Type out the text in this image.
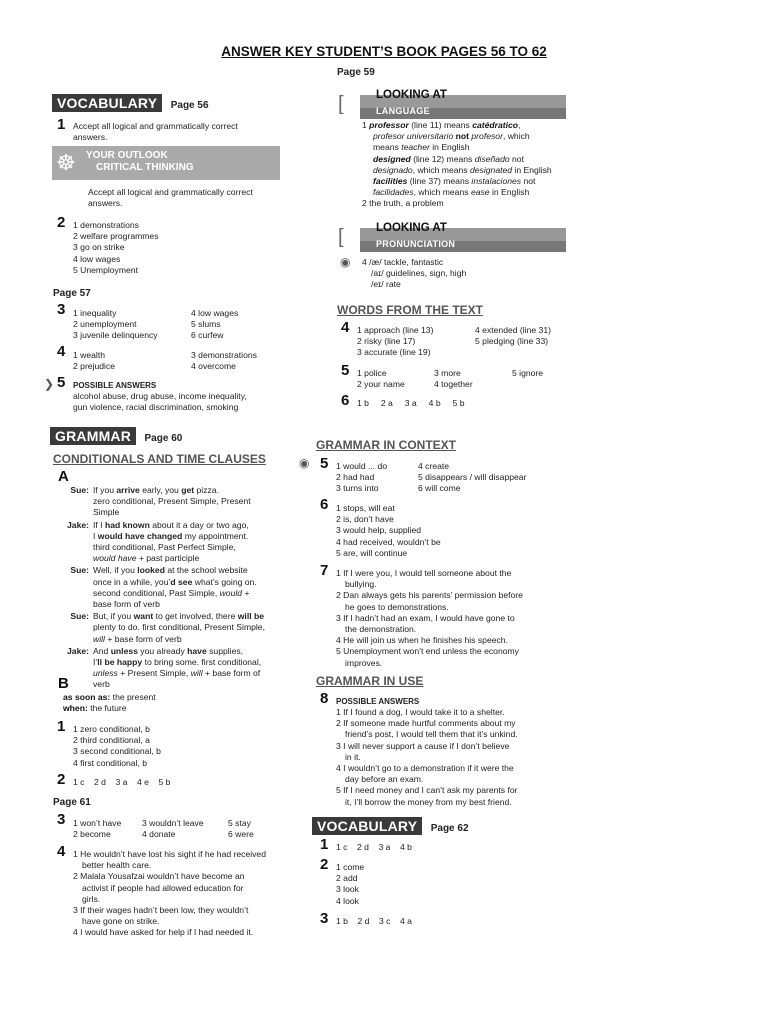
ANSWER KEY STUDENT’S BOOK PAGES 56 TO 62
VOCABULARY Page 56
1 Accept all logical and grammatically correct answers.
☸ YOUR OUTLOOK
CRITICAL THINKING
Accept all logical and grammatically correct answers.
2 1 demonstrations
2 welfare programmes
3 go on strike
4 low wages
5 Unemployment
Page 57
3 1 inequality
2 unemployment
3 juvenile delinquency
4 low wages
5 slums
6 curfew
4 1 wealth
2 prejudice
3 demonstrations
4 overcome
❯ 5 POSSIBLE ANSWERS
alcohol abuse, drug abuse, income inequality,
gun violence, racial discrimination, smoking
GRAMMAR Page 60
CONDITIONALS AND TIME CLAUSES
A
Sue: If you arrive early, you get pizza.
zero conditional, Present Simple, Present
Simple
Jake: If I had known about it a day or two ago,
I would have changed my appointment.
third conditional, Past Perfect Simple,
would have + past participle
Sue: Well, if you looked at the school website
once in a while, you’d see what’s going on.
second conditional, Past Simple, would +
base form of verb
Sue: But, if you want to get involved, there will be
plenty to do. first conditional, Present Simple,
will + base form of verb
Jake: And unless you already have supplies,
I’ll be happy to bring some. first conditional,
unless + Present Simple, will + base form of
verb
B
as soon as: the present
when: the future
1 1 zero conditional, b
2 third conditional, a
3 second conditional, b
4 first conditional, b
2 1 c    2 d    3 a    4 e    5 b
Page 61
3 1 won’t have
2 become
3 wouldn’t leave
4 donate
5 stay
6 were
4 1 He wouldn’t have lost his sight if he had received
better health care.
2 Malala Yousafzai wouldn’t have become an
activist if people had allowed education for
girls.
3 If their wages hadn’t been low, they wouldn’t
have gone on strike.
4 I would have asked for help if I had needed it.
Page 59
[	LOOKING AT
LANGUAGE
1 professor (line 11) means catédratico,
profesor universitario not profesor, which
means teacher in English
designed (line 12) means diseñado not
designado, which means designated in English
facilities (line 37) means instalaciones not
facilidades, which means ease in English
2 the truth, a problem
[	LOOKING AT
PRONUNCIATION
◉ 4 /æ/ tackle, fantastic
/aɪ/ guidelines, sign, high
/eɪ/ rate
WORDS FROM THE TEXT
4 1 approach (line 13)
2 risky (line 17)
3 accurate (line 19)
4 extended (line 31)
5 pledging (line 33)
5 1 police
2 your name
3 more
4 together
5 ignore
6 1 b     2 a     3 a     4 b     5 b
GRAMMAR IN CONTEXT
◉ 5 1 would ... do
2 had had
3 turns into
4 create
5 disappears / will disappear
6 will come
6 1 stops, will eat
2 is, don’t have
3 would help, supplied
4 had received, wouldn’t be
5 are, will continue
7 1 If I were you, I would tell someone about the
bullying.
2 Dan always gets his parents’ permission before
he goes to demonstrations.
3 If I hadn’t had an exam, I would have gone to
the demonstration.
4 He will join us when he finishes his speech.
5 Unemployment won’t end unless the economy
improves.
GRAMMAR IN USE
8 POSSIBLE ANSWERS
1 If I found a dog, I would take it to a shelter.
2 If someone made hurtful comments about my
friend’s post, I would tell them that it’s unkind.
3 I will never support a cause if I don’t believe
in it.
4 I wouldn’t go to a demonstration if it were the
day before an exam.
5 If I need money and I can’t ask my parents for
it, I’ll borrow the money from my best friend.
VOCABULARY Page 62
1 1 c    2 d    3 a    4 b
2 1 come
2 add
3 look
4 look
3 1 b    2 d    3 c    4 a
